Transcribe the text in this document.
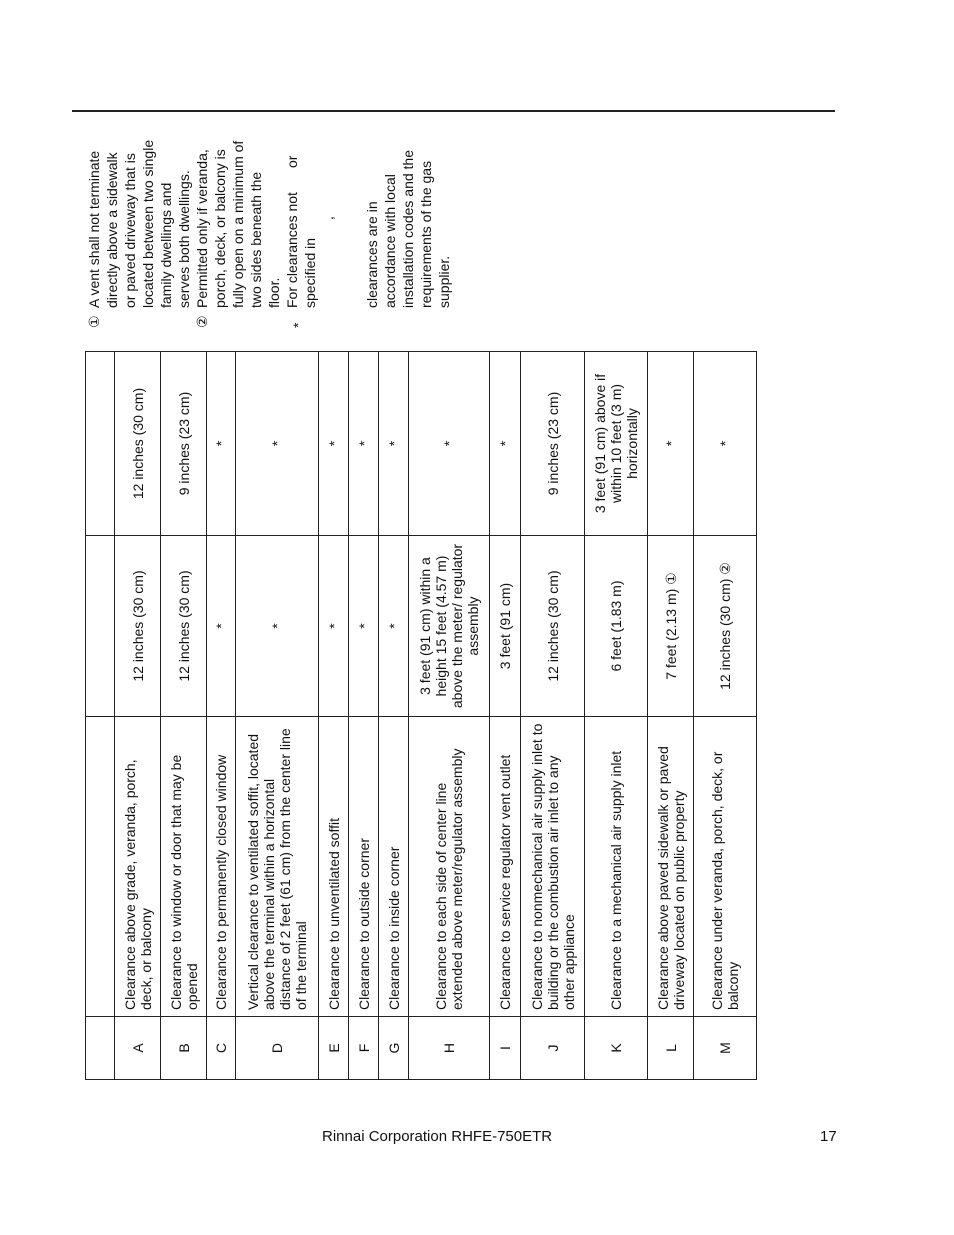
A	Clearance above grade, veranda, porch, deck, or balcony	12 inches (30 cm)	12 inches (30 cm)
B	Clearance to window or door that may be opened	12 inches (30 cm)	9 inches (23 cm)
C	Clearance to permanently closed window	*	*
D	Vertical clearance to ventilated soffit, located above the terminal within a horizontal distance of 2 feet (61 cm) from the center line of the terminal	*	*
E	Clearance to unventilated soffit	*	*
F	Clearance to outside corner	*	*
G	Clearance to inside corner	*	*
H	Clearance to each side of center line extended above meter/regulator assembly	3 feet (91 cm) within a height 15 feet (4.57 m) above the meter/ regulator assembly	*
I	Clearance to service regulator vent outlet	3 feet (91 cm)	*
J	Clearance to nonmechanical air supply inlet to building or the combustion air inlet to any other appliance	12 inches (30 cm)	9 inches (23 cm)
K	Clearance to a mechanical air supply inlet	6 feet (1.83 m)	3 feet (91 cm) above if within 10 feet (3 m) horizontally
L	Clearance above paved sidewalk or paved driveway located on public property	7 feet (2.13 m) ①	*
M	Clearance under veranda, porch, deck, or balcony	12 inches (30 cm) ②	*
①
A vent shall not terminate directly above a sidewalk or paved driveway that is located between two single family dwellings and serves both dwellings.
②
Permitted only if veranda, porch, deck, or balcony is fully open on a minimum of two sides beneath the floor.
*
For clearances not specified in
or
, clearances are in accordance with local installation codes and the requirements of the gas supplier.
Rinnai Corporation RHFE-750ETR	17
